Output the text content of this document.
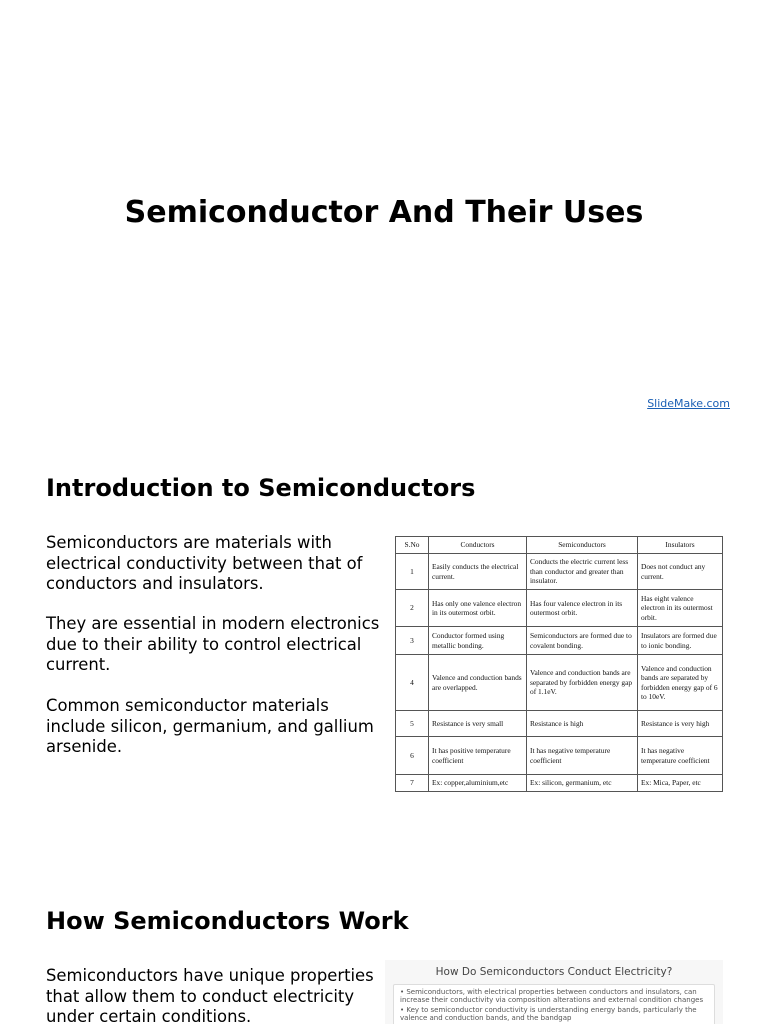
Semiconductor And Their Uses
SlideMake.com
Introduction to Semiconductors

Semiconductors are materials with electrical conductivity between that of conductors and insulators.

They are essential in modern electronics due to their ability to control electrical current.

Common semiconductor materials include silicon, germanium, and gallium arsenide.

S.No	Conductors	Semiconductors	Insulators
1	Easily conducts the electrical current.	Conducts the electric current less than conductor and greater than insulator.	Does not conduct any current.
2	Has only one valence electron in its outermost orbit.	Has four valence electron in its outermost orbit.	Has eight valence electron in its outermost orbit.
3	Conductor formed using metallic bonding.	Semiconductors are formed due to covalent bonding.	Insulators are formed due to ionic bonding.
4	Valence and conduction bands are overlapped.	Valence and conduction bands are separated by forbidden energy gap of 1.1eV.	Valence and conduction bands are separated by forbidden energy gap of 6 to 10eV.
5	Resistance is very small	Resistance is high	Resistance is very high
6	It has positive temperature coefficient	It has negative temperature coefficient	It has negative temperature coefficient
7	Ex: copper,aluminium,etc	Ex: silicon, germanium, etc	Ex: Mica, Paper, etc
How Semiconductors Work

Semiconductors have unique properties that allow them to conduct electricity under certain conditions.

How Do Semiconductors Conduct Electricity?

• Semiconductors, with electrical properties between conductors and insulators, can increase their conductivity via composition alterations and external condition changes

• Key to semiconductor conductivity is understanding energy bands, particularly the valence and conduction bands, and the bandgap
